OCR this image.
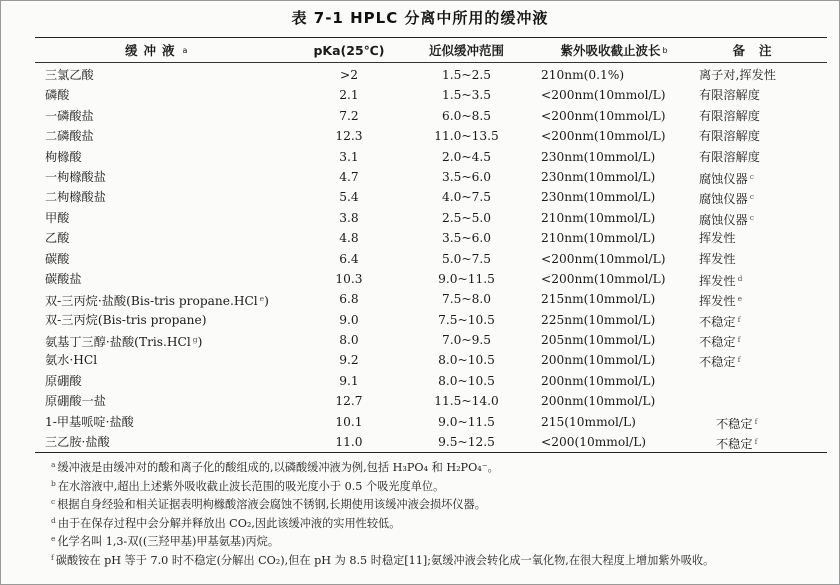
表 7-1 HPLC 分离中所用的缓冲液
缓冲液 a	pKa(25℃)	近似缓冲范围	紫外吸收截止波长 b	备注
三氯乙酸	>2	1.5~2.5	210nm(0.1%)	离子对,挥发性
磷酸	2.1	1.5~3.5	<200nm(10mmol/L)	有限溶解度
一磷酸盐	7.2	6.0~8.5	<200nm(10mmol/L)	有限溶解度
二磷酸盐	12.3	11.0~13.5	<200nm(10mmol/L)	有限溶解度
枸橼酸	3.1	2.0~4.5	230nm(10mmol/L)	有限溶解度
一枸橼酸盐	4.7	3.5~6.0	230nm(10mmol/L)	腐蚀仪器 $^c$
二枸橼酸盐	5.4	4.0~7.5	230nm(10mmol/L)	腐蚀仪器 $^c$
甲酸	3.8	2.5~5.0	210nm(10mmol/L)	腐蚀仪器 $^c$
乙酸	4.8	3.5~6.0	210nm(10mmol/L)	挥发性
碳酸	6.4	5.0~7.5	<200nm(10mmol/L)	挥发性
碳酸盐	10.3	9.0~11.5	<200nm(10mmol/L)	挥发性 $^d$
双-三丙烷·盐酸(Bis-tris propane.HCl $^e$)	6.8	7.5~8.0	215nm(10mmol/L)	挥发性 $^e$
双-三丙烷(Bis-tris propane)	9.0	7.5~10.5	225nm(10mmol/L)	不稳定 $^f$
氨基丁三醇·盐酸(Tris.HCl $^g$)	8.0	7.0~9.5	205nm(10mmol/L)	不稳定 $^f$
氨水·HCl	9.2	8.0~10.5	200nm(10mmol/L)	不稳定 $^f$
原硼酸	9.1	8.0~10.5	200nm(10mmol/L)
原硼酸一盐	12.7	11.5~14.0	200nm(10mmol/L)
1-甲基哌啶·盐酸	10.1	9.0~11.5	215(10mmol/L)	不稳定 $^f$
三乙胺·盐酸	11.0	9.5~12.5	<200(10mmol/L)	不稳定 $^f$
$^a$ 缓冲液是由缓冲对的酸和离子化的酸组成的,以磷酸缓冲液为例,包括 H₃PO₄ 和 H₂PO₄⁻。
$^b$ 在水溶液中,超出上述紫外吸收截止波长范围的吸光度小于 0.5 个吸光度单位。
$^c$ 根据自身经验和相关证据表明枸橼酸溶液会腐蚀不锈钢,长期使用该缓冲液会损坏仪器。
$^d$ 由于在保存过程中会分解并释放出 CO₂,因此该缓冲液的实用性较低。
$^e$ 化学名叫 1,3-双((三羟甲基)甲基氨基)丙烷。
$^f$ 碳酸铵在 pH 等于 7.0 时不稳定(分解出 CO₂),但在 pH 为 8.5 时稳定[11];氨缓冲液会转化成一氧化物,在很大程度上增加紫外吸收。
